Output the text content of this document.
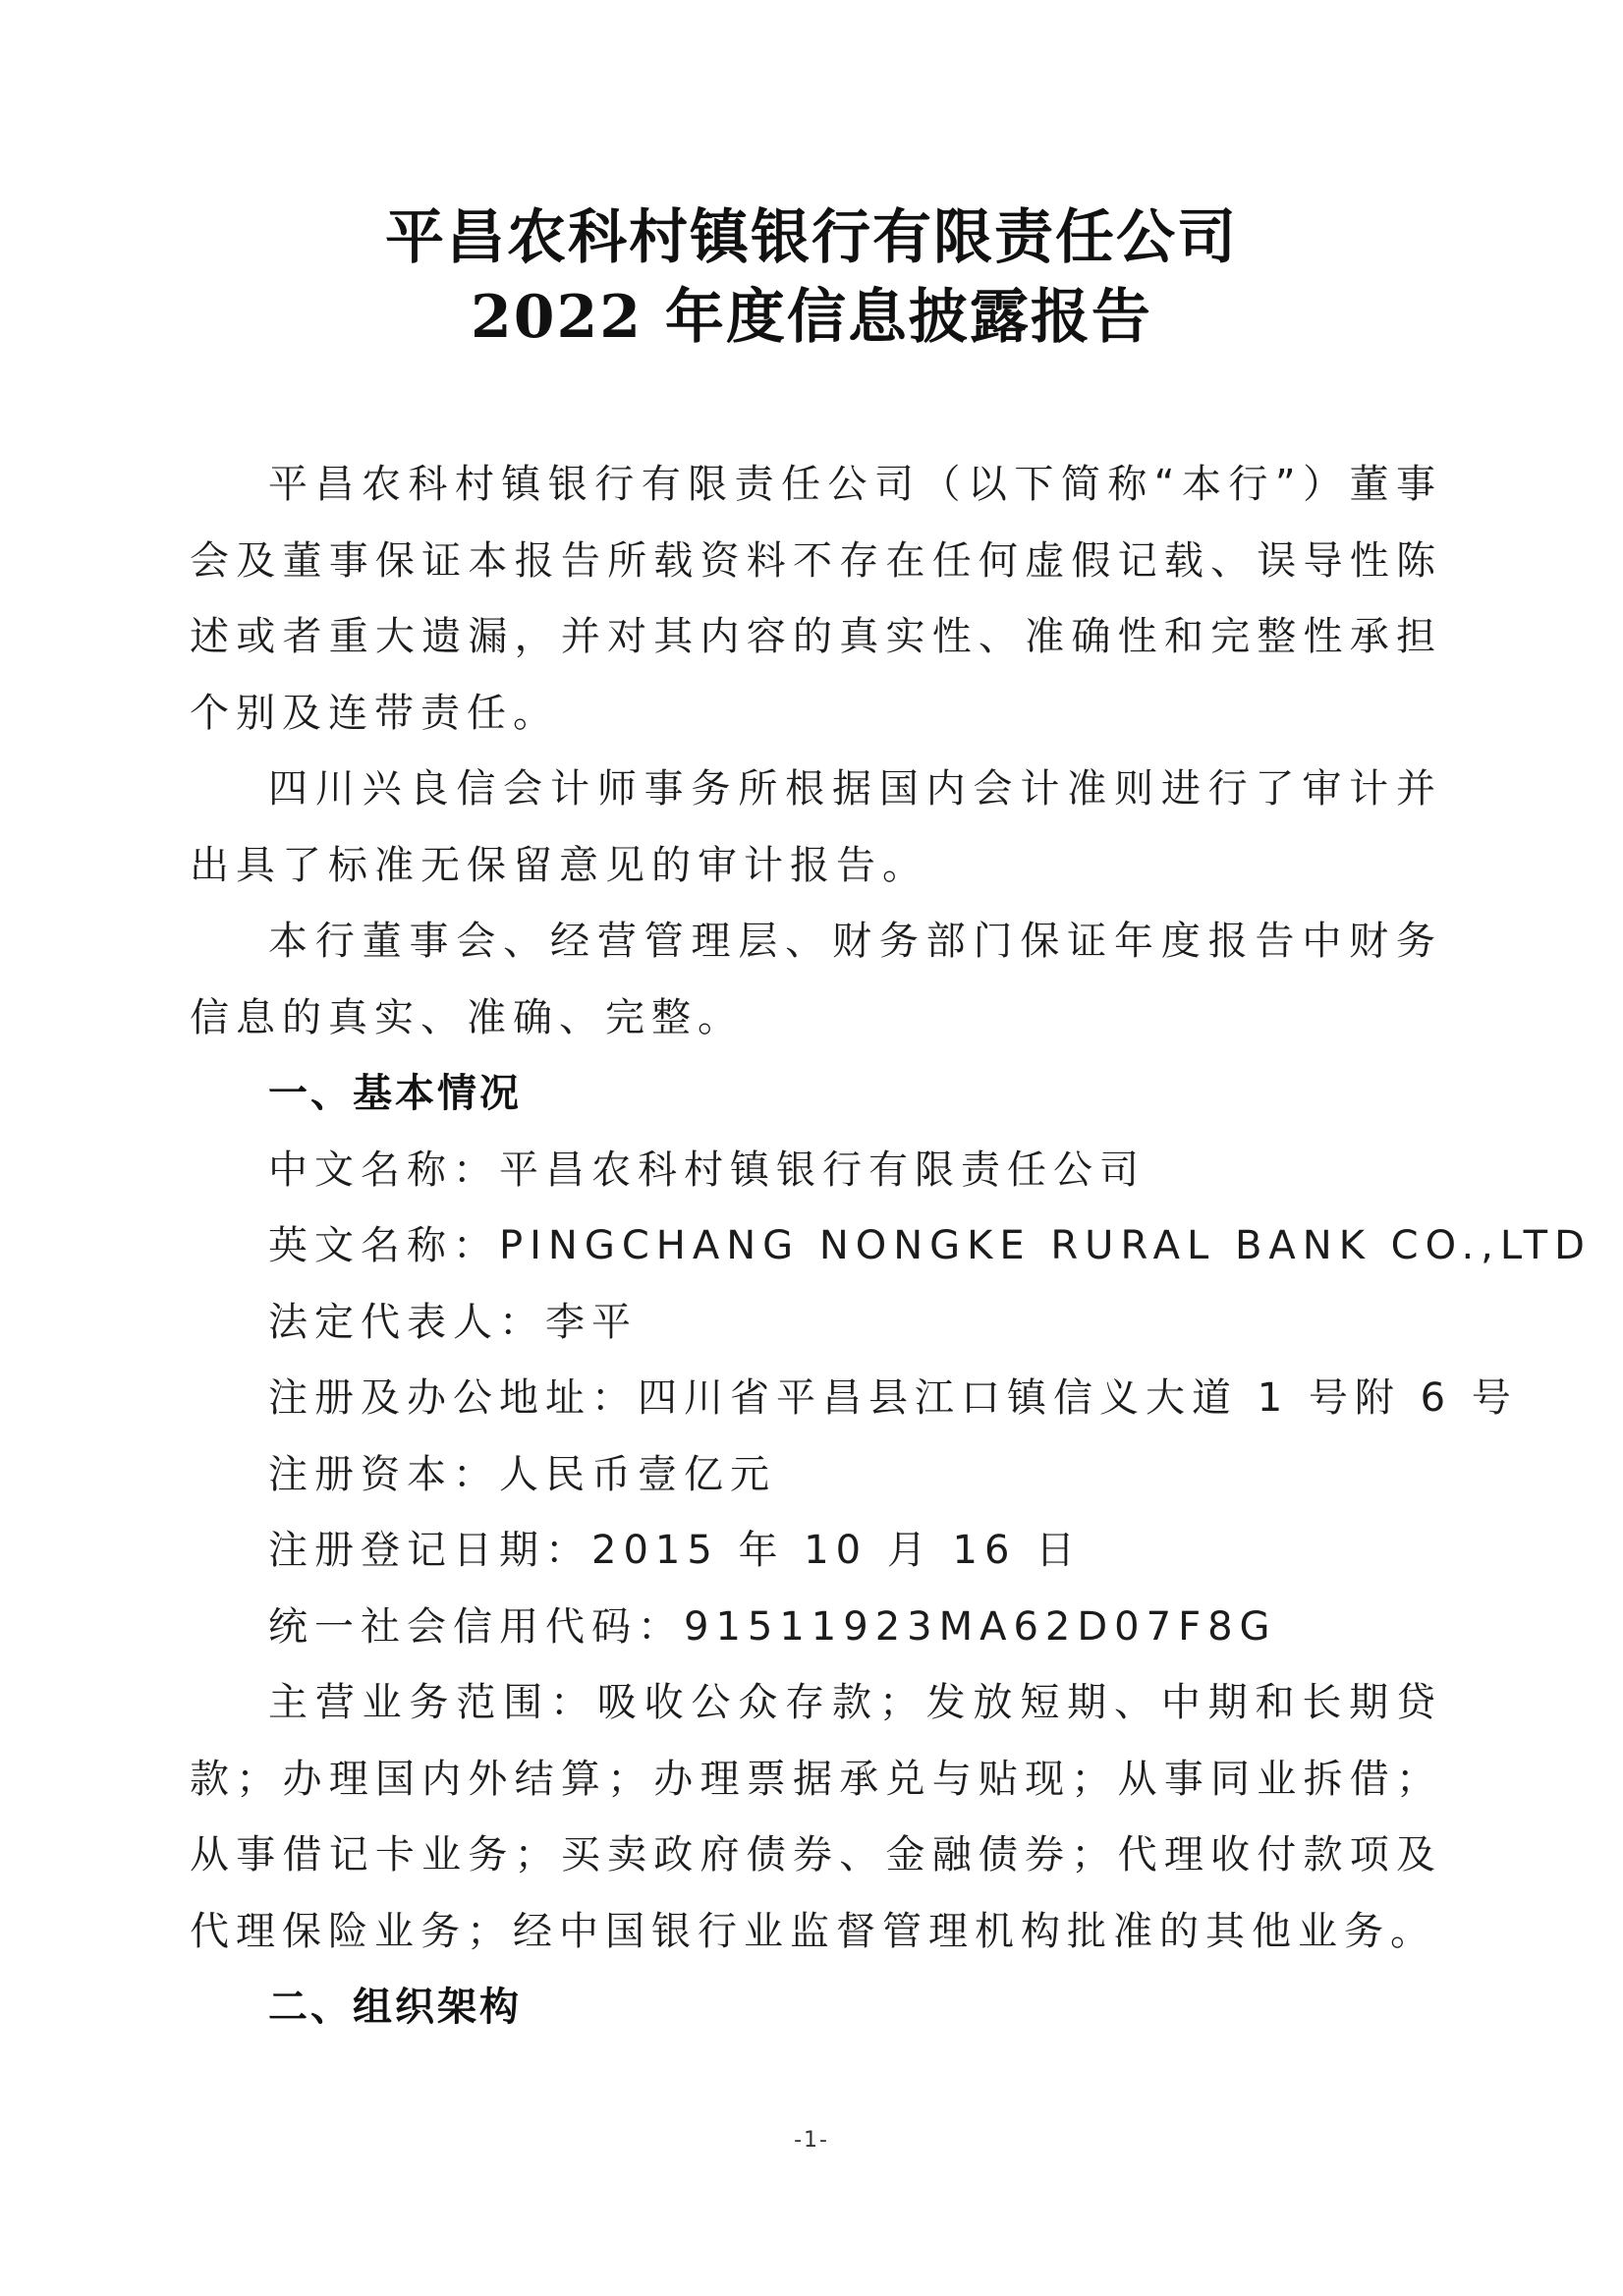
平昌农科村镇银行有限责任公司
2022 年度信息披露报告

平昌农科村镇银行有限责任公司（以下简称“本行”）董事会及董事保证本报告所载资料不存在任何虚假记载、误导性陈述或者重大遗漏，并对其内容的真实性、准确性和完整性承担个别及连带责任。

四川兴良信会计师事务所根据国内会计准则进行了审计并出具了标准无保留意见的审计报告。

本行董事会、经营管理层、财务部门保证年度报告中财务信息的真实、准确、完整。

一、基本情况

中文名称：平昌农科村镇银行有限责任公司

英文名称：PINGCHANG NONGKE RURAL BANK CO.,LTD

法定代表人：李平

注册及办公地址：四川省平昌县江口镇信义大道 1 号附 6 号

注册资本：人民币壹亿元

注册登记日期：2015 年 10 月 16 日

统一社会信用代码：91511923MA62D07F8G

主营业务范围：吸收公众存款；发放短期、中期和长期贷款；办理国内外结算；办理票据承兑与贴现；从事同业拆借；从事借记卡业务；买卖政府债券、金融债券；代理收付款项及代理保险业务；经中国银行业监督管理机构批准的其他业务。

二、组织架构

-1-
